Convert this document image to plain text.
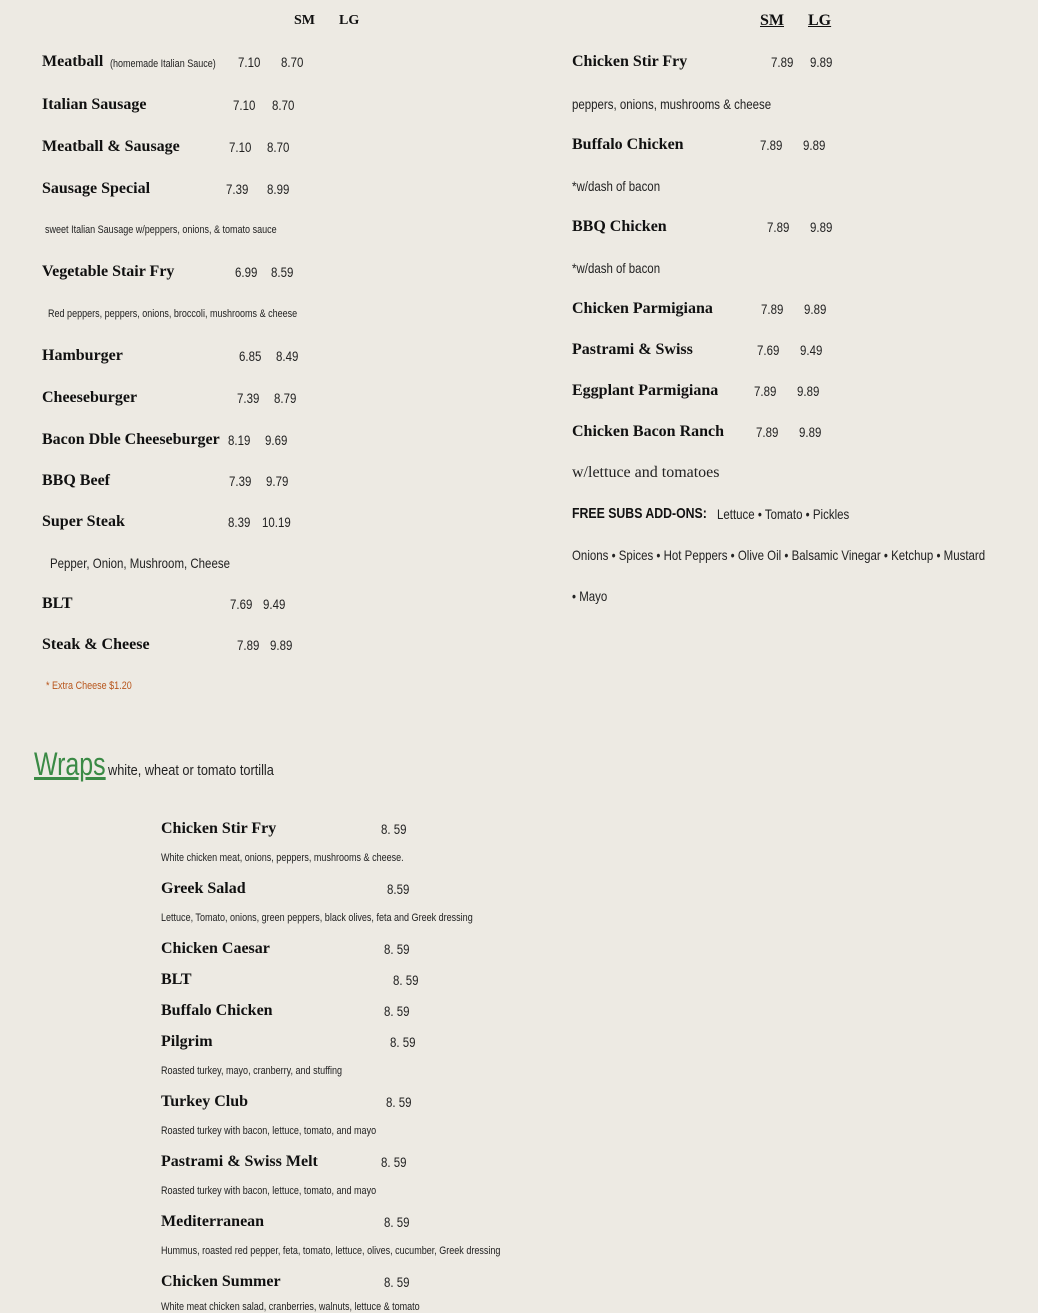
SM LG	SM LG
Meatball (homemade Italian Sauce) 7.10 8.70
Italian Sausage	7.10 8.70
Meatball & Sausage	7.10 8.70
Sausage Special	7.39 8.99
sweet Italian Sausage w/peppers, onions, & tomato sauce
Vegetable Stair Fry	6.99 8.59
Red peppers, peppers, onions, broccoli, mushrooms & cheese
Hamburger	6.85 8.49
Cheeseburger	7.39 8.79
Bacon Dble Cheeseburger 8.19 9.69
BBQ Beef	7.39 9.79
Super Steak	8.39 10.19
Pepper, Onion, Mushroom, Cheese
BLT	7.69 9.49
Steak & Cheese	7.89 9.89
* Extra Cheese $1.20
Chicken Stir Fry	7.89 9.89
peppers, onions, mushrooms & cheese
Buffalo Chicken	7.89 9.89
*w/dash of bacon
BBQ Chicken	7.89 9.89
*w/dash of bacon
Chicken Parmigiana	7.89 9.89
Pastrami & Swiss	7.69 9.49
Eggplant Parmigiana	7.89 9.89
Chicken Bacon Ranch 7.89 9.89
w/lettuce and tomatoes
FREE SUBS ADD-ONS: Lettuce • Tomato • Pickles
Onions • Spices • Hot Peppers • Olive Oil • Balsamic Vinegar • Ketchup • Mustard
• Mayo
Wraps white, wheat or tomato tortilla
Chicken Stir Fry	8. 59
White chicken meat, onions, peppers, mushrooms & cheese.
Greek Salad	8.59
Lettuce, Tomato, onions, green peppers, black olives, feta and Greek dressing
Chicken Caesar	8. 59
BLT	8. 59
Buffalo Chicken	8. 59
Pilgrim	8. 59
Roasted turkey, mayo, cranberry, and stuffing
Turkey Club	8. 59
Roasted turkey with bacon, lettuce, tomato, and mayo
Pastrami & Swiss Melt	8. 59
Roasted turkey with bacon, lettuce, tomato, and mayo
Mediterranean	8. 59
Hummus, roasted red pepper, feta, tomato, lettuce, olives, cucumber, Greek dressing
Chicken Summer	8. 59
White meat chicken salad, cranberries, walnuts, lettuce & tomato
